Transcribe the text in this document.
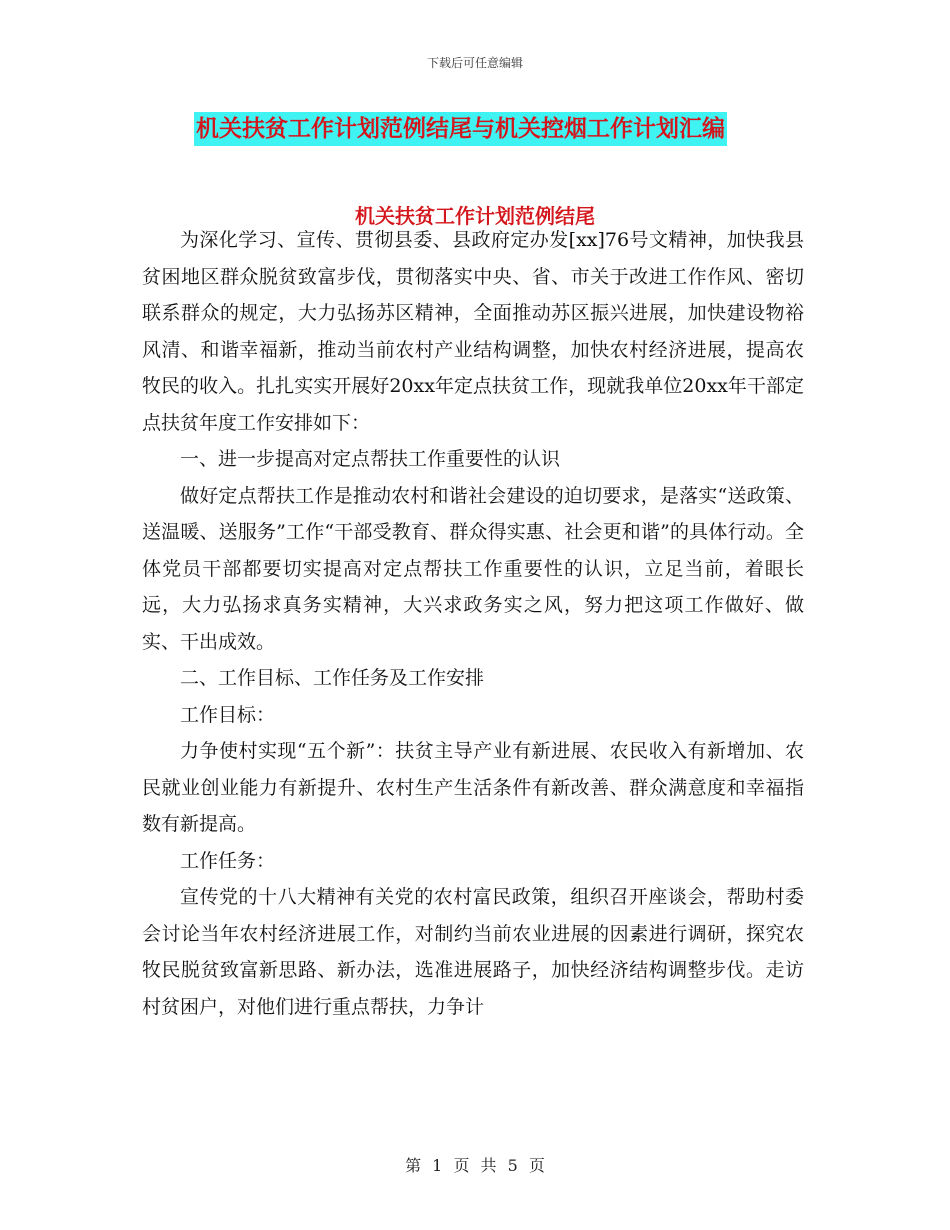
下载后可任意编辑
机关扶贫工作计划范例结尾与机关控烟工作计划汇编
机关扶贫工作计划范例结尾

为深化学习、宣传、贯彻县委、县政府定办发[xx]76号文精神，加快我县贫困地区群众脱贫致富步伐，贯彻落实中央、省、市关于改进工作作风、密切联系群众的规定，大力弘扬苏区精神，全面推动苏区振兴进展，加快建设物裕风清、和谐幸福新，推动当前农村产业结构调整，加快农村经济进展，提高农牧民的收入。扎扎实实开展好20xx年定点扶贫工作，现就我单位20xx年干部定点扶贫年度工作安排如下：

一、进一步提高对定点帮扶工作重要性的认识

做好定点帮扶工作是推动农村和谐社会建设的迫切要求，是落实“送政策、送温暖、送服务”工作“干部受教育、群众得实惠、社会更和谐”的具体行动。全体党员干部都要切实提高对定点帮扶工作重要性的认识，立足当前，着眼长远，大力弘扬求真务实精神，大兴求政务实之风，努力把这项工作做好、做实、干出成效。

二、工作目标、工作任务及工作安排

工作目标：

力争使村实现“五个新”：扶贫主导产业有新进展、农民收入有新增加、农民就业创业能力有新提升、农村生产生活条件有新改善、群众满意度和幸福指数有新提高。

工作任务：

宣传党的十八大精神有关党的农村富民政策，组织召开座谈会，帮助村委会讨论当年农村经济进展工作，对制约当前农业进展的因素进行调研，探究农牧民脱贫致富新思路、新办法，选准进展路子，加快经济结构调整步伐。走访村贫困户，对他们进行重点帮扶，力争计

第 1 页 共 5 页
